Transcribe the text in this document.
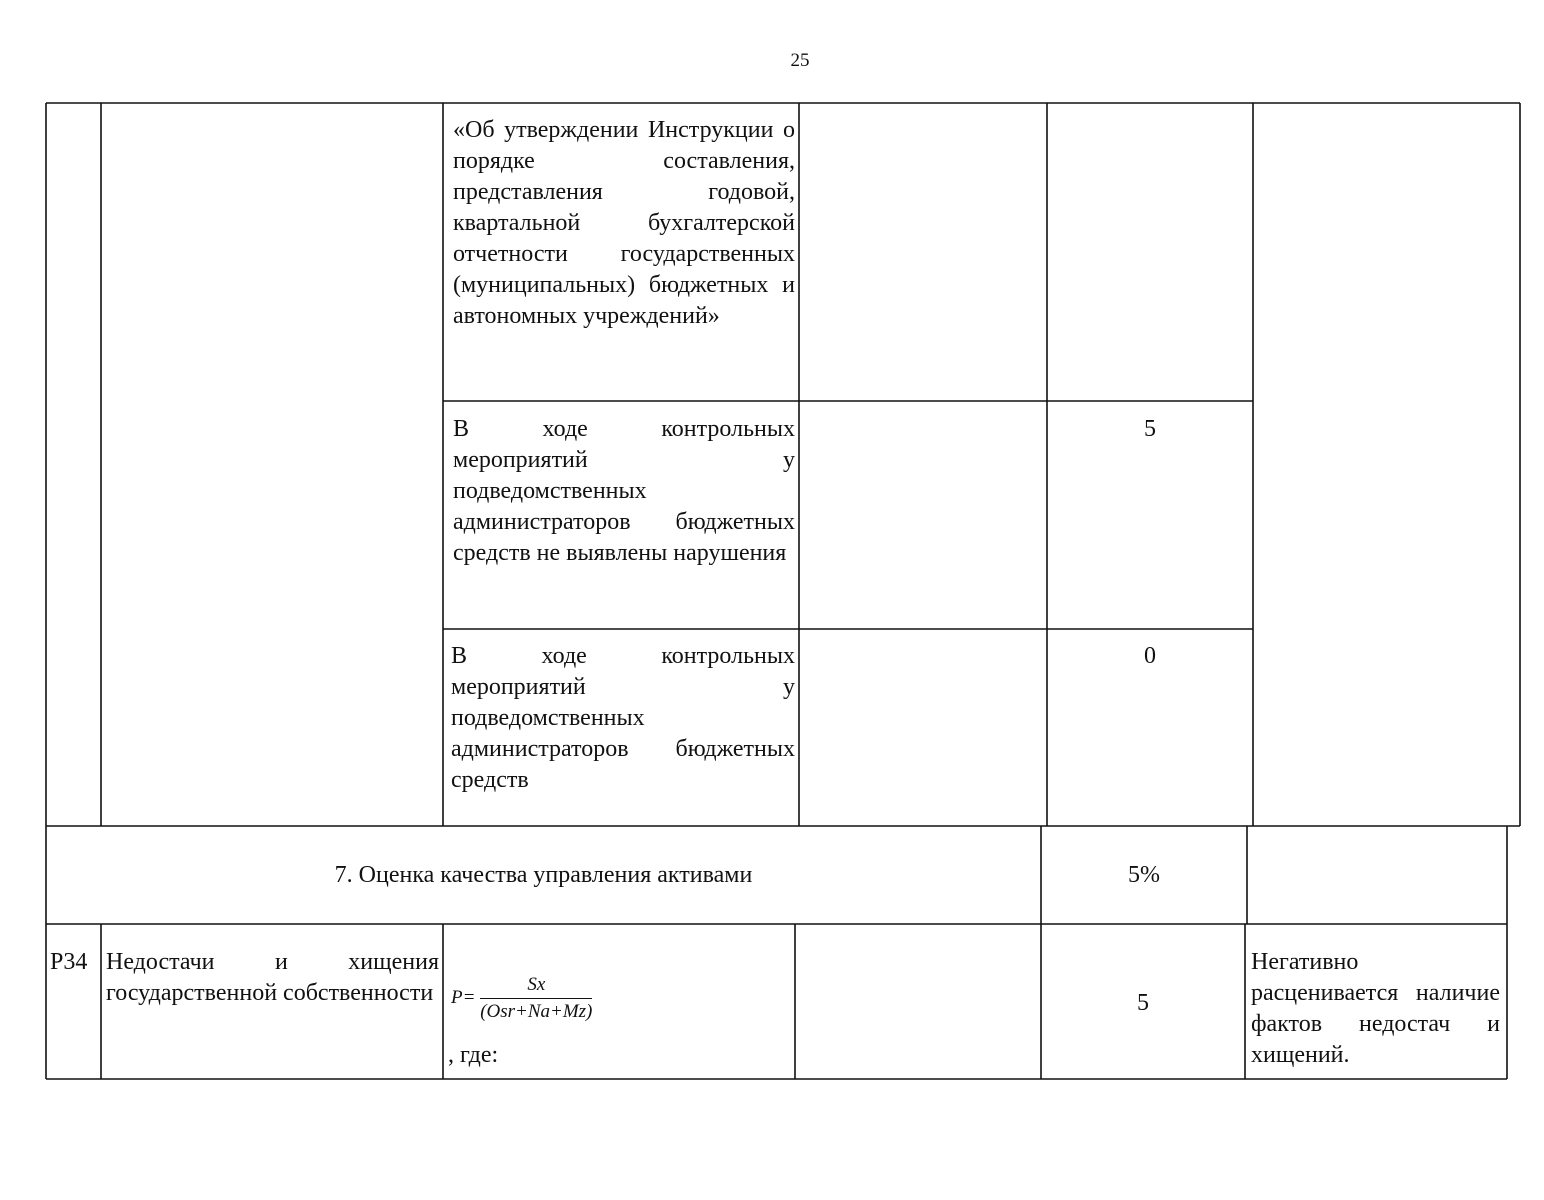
25
«Об утверждении Инструкции о порядке составления, представления годовой, квартальной бухгалтерской отчетности государственных (муниципальных) бюджетных и автономных учреждений»
В ходе контрольных мероприятий у подведомственных администраторов бюджетных средств не выявлены нарушения
5
В ходе контрольных мероприятий у подведомственных администраторов бюджетных средств
0
7. Оценка качества управления активами	5%
P34 Недостачи и хищения государственной собственности $P= \frac{Sx}{\text{(Osr+Na+Mz)}}$
, где:
5
Негативно расценивается наличие фактов недостач и хищений.
